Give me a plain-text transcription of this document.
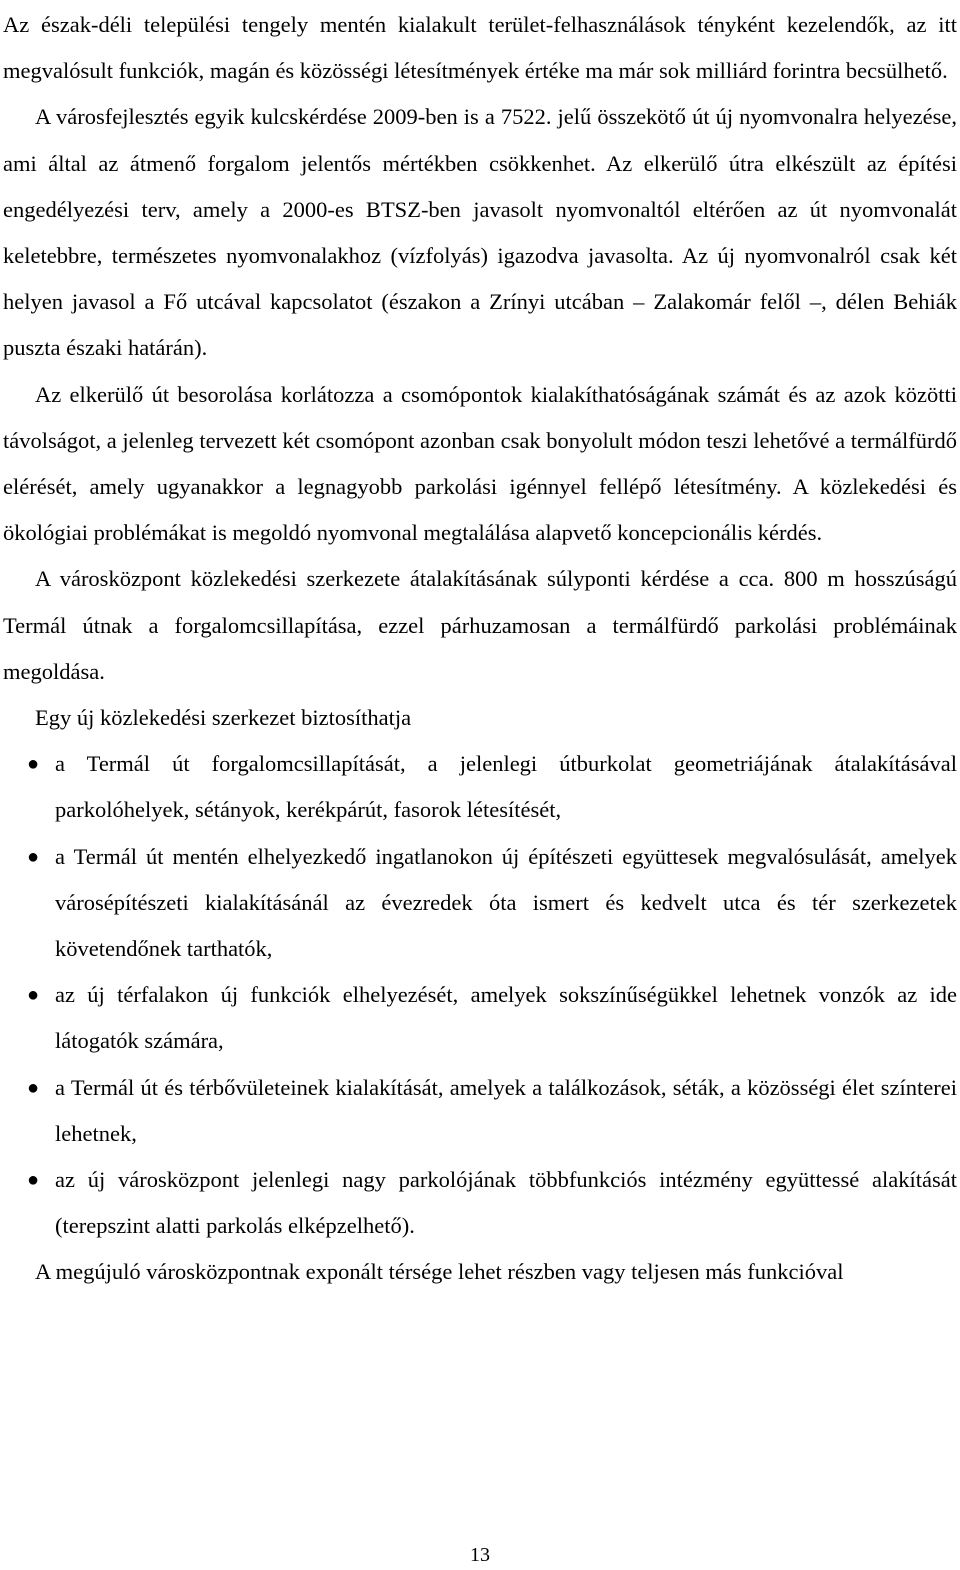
Az észak-déli települési tengely mentén kialakult terület-felhasználások tényként kezelendők, az itt megvalósult funkciók, magán és közösségi létesítmények értéke ma már sok milliárd forintra becsülhető.

A városfejlesztés egyik kulcskérdése 2009-ben is a 7522. jelű összekötő út új nyomvonalra helyezése, ami által az átmenő forgalom jelentős mértékben csökkenhet. Az elkerülő útra elkészült az építési engedélyezési terv, amely a 2000-es BTSZ-ben javasolt nyomvonaltól eltérően az út nyomvonalát keletebbre, természetes nyomvonalakhoz (vízfolyás) igazodva javasolta. Az új nyomvonalról csak két helyen javasol a Fő utcával kapcsolatot (északon a Zrínyi utcában – Zalakomár felől –, délen Behiák puszta északi határán).

Az elkerülő út besorolása korlátozza a csomópontok kialakíthatóságának számát és az azok közötti távolságot, a jelenleg tervezett két csomópont azonban csak bonyolult módon teszi lehetővé a termálfürdő elérését, amely ugyanakkor a legnagyobb parkolási igénnyel fellépő létesítmény. A közlekedési és ökológiai problémákat is megoldó nyomvonal megtalálása alapvető koncepcionális kérdés.

A városközpont közlekedési szerkezete átalakításának súlyponti kérdése a cca. 800 m hosszúságú Termál útnak a forgalomcsillapítása, ezzel párhuzamosan a termálfürdő parkolási problémáinak megoldása.

Egy új közlekedési szerkezet biztosíthatja

● a Termál út forgalomcsillapítását, a jelenlegi útburkolat geometriájának átalakításával parkolóhelyek, sétányok, kerékpárút, fasorok létesítését,
● a Termál út mentén elhelyezkedő ingatlanokon új építészeti együttesek megvalósulását, amelyek városépítészeti kialakításánál az évezredek óta ismert és kedvelt utca és tér szerkezetek követendőnek tarthatók,
● az új térfalakon új funkciók elhelyezését, amelyek sokszínűségükkel lehetnek vonzók az ide látogatók számára,
● a Termál út és térbővületeinek kialakítását, amelyek a találkozások, séták, a közösségi élet színterei lehetnek,
● az új városközpont jelenlegi nagy parkolójának többfunkciós intézmény együttessé alakítását (terepszint alatti parkolás elképzelhető).

A megújuló városközpontnak exponált térsége lehet részben vagy teljesen más funkcióval

13
